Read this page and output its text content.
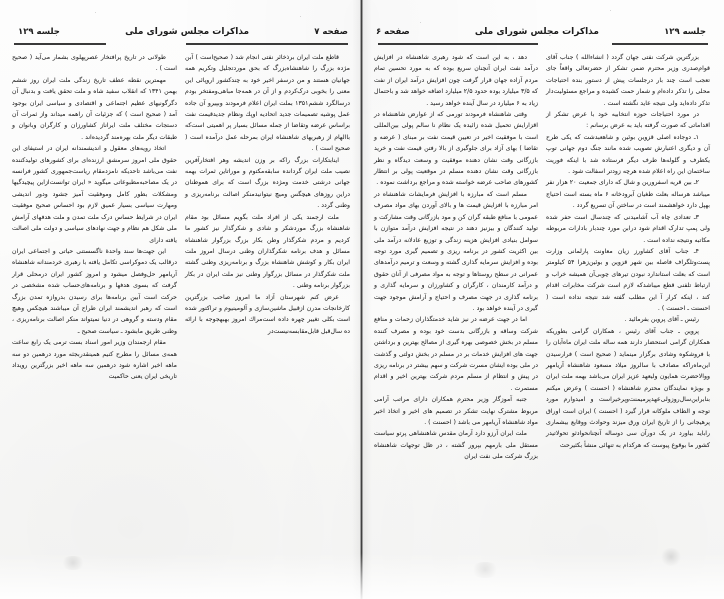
جلسه ۱۲۹
مذاکرات مجلس شورای ملی
صفحه ۶

بزرگترین شرکت نفتی جهان گردد ( انشاء‌الله ) جناب آقای قوام‌صدری وزیر محترم ضمن تشکر از حضرتعالی واقعاً جای تعجب است چند بار درجلسات پیش از دستور بنده احتیاجات محلی را تذکر داده‌ام و شمار حمت کشیده و مراجع مسئولیت‌دار تذکر داده‌اید ولی نتیجه عاید نگشته است .

در مورد احتیاجات حوزه انتخابیه خود با عرض تشکر از اقداماتی که صورت گرفته باید به عرض برسانم :

۱ـ دوجاده اصلی قزوین بوئین و شاهعبدشت که یکی طرح آن و دیگری اعتبارش تصویب شده مانند جنگ دوم جهانی توپ یکطرف و گلوله‌ها طرف دیگر فرستاده شد با اینکه فوریت ساختمان این راه اعلام شده هرچه زودتر اسفالت شود .

۲ـ بین قریه اسفرورین و شال که دارای جمعیت ۲۰ هزار نفر میباشد هرساله بعلت طغیان آبرودخانه ۶ ماه بسته است احتیاج بهپل دارد خواهشمند است در ساختن آن تسریع گردد .

۳ـ تعدادی چاه آب آشامیدنی که چندسال است حفر شده ولی پمپ تدارک اقدام شود درابن مورد چندبار بادارات مربوطه مکاتبه ونتیجه نداده است .

۴ـ جناب آقای کشاورز زیان معاونت پارلمانی وزارت پست‌وتلگراف فاصله بین شهر قزوین و بوئین‌زهرا ۵۴ کیلومتر است که بعلت استاندارد نبودن تیرهای چوبی‌آن همیشه خراب و ارتباط تلفنی قطع میباشدکه لازم است شرکت مخابرات اقدام کند ، اینکه کرار آ این مطلب گفته شد نتیجه نداده است ( احسنت ـ احسنت ) .

رئیس ـ آقای پروین بفرمائید .

پروین ـ جناب آقای رئیس ، همکاران گرامی بطوریکه همکاران گرامی استحضار دارند همه ساله ملت ایران ماه‌آبان را با فروشکوه وشادی برگزار مینماید ( صحیح است ) فرارسیدن این‌ماه‌راکه مصادف با سالروز میلاد مسعود شاهنشاه آریامهر ووالاحضرت همایون ولیعهد عزیز ایران می‌باشد بهمه ملت ایران و بویژه نمایندگان محترم شاهنشاه ( احسنت ) وعرض میکنم بنابراین‌سال‌روز‌ولی‌عهد‌پرمیمنت‌وپرخیر‌است و امیدوارم مورد توجه و الطاف ملوکانه قرار گیرد ( احسنت ) ایران است اوراق پرهیجانی را از تاریخ ایران ورق میزند وحوادث ووقایع بیشماری راباید بیاورد در یک دورآن سی دوساله آنچنانحوادثو تحولاتیدر کشور ما بوقوع پیوست که هرکدام به تنهائی منشأ بکثیرحث

دهد ، به این است که شود رهبری شاهنشاه در افزایش درآمد نفت ایران آنچنان سریع بوده که به مورد تحسین تمام مردم آزاده جهان قرار گرفت چون افزایش درآمد ایران از نفت که ۳/۵ میلیارد بوده حدود ۲/۵ میلیارد اضافه خواهد شد و باحتمال زیاد به ۶ میلیارد در سال آینده خواهد رسید .

وقتی شاهنشاه فرمودند تورمی که از عوارض شاهنشاه در اقزارایش تحمیل شده زائیده یک نظام نا سالم پولی بین‌المللی است با موفقیت اخیر در تعیین قیمت نفت بر مبنای ( عرضه و تقاضا ) بهای آزاد برای جلوگیری از بالا رفتن قیمت نفت و خرید بازرگانی وقت نشان دهنده موفقیت و وسعت دیدگاه و نظر بازرگانی وقت نشان دهنده مسلم در موقعیت پولی بر انتظار کشورهای صاحب عرضه خواسته شده و مراجع برداشت نموده .

مسلم است که مبارزه با افزایش فرمایشات شاهنشاه در امر مبارزه با افزایش قیمت ها و بالای آوردن بهای مواد مصرف عمومی با منافع طبقه گران کن و مود بازرگانی وقت مشارکت و تولید کنندگان و بیزنیز دهند در نتیجه افزایش درآمد متوازن با سوامل بنیادی افزایش هزینه زندگی و توزیع عادلانه درآمد ملی بین اکثریت کشور در برنامه ریزی و تصمیم گیری مورد توجه بوده و افزایش سرمایه گذاری گشته و وسعت و ترمیم درآمدهای عمرانی در سطح روستاها و توجه به مواد مصرفی از آنان حقوق و درآمد کارمندان ، کارگران و کشاورزان و سرمایه گذاری و برنامه گذاری در جهت مصرف و احتیاج و آرامش موجود جهت گیری در آینده خواهد بود .

اما در جهت عرضه در نیز شاید خدمتگذاران زحمات و منافع شرکت وساقه و بازرگانی بدست خود بوده و مصرف کننده مسلم در بخش خصوصی بهره گیری از مصالح بهترین و برداشتن جهت های افزایش خدمات بر در مسلم در بخش دولتی و گذشت در ملی بوده ایشان مسرت شرکت و سهم بیشتر در برنامه ریزی در پیش و انتظام از مسلم مردم شرکت بهترین اخیر و اقدام مستمرت .

جنبه آموزگار وزیر محترم همکاران دارای مراتب آرامی مربوط مشترک نهایت تشکر در تصمیم های اخیر و اتخاذ اخیر مواد شاهنشاه آریامهر می باشد ( احسنت ) .

ملت ایران آرزو دارد آرمان مقدس شاهنشاهی پرتو سیاست مستقل ملی بارمهم بپرور گشته ، در ظل توجهات شاهنشاه بزرگ شرکت ملی نفت ایران

صفحه ۷
مذاکرات مجلس شورای ملی
جلسه ۱۲۹

قاطع ملت ایران برذخائر نفتی انجام شد ( صحیح‌است ) آبن مژده بزرگ را شاهنشاه‌بزرگ که بحق موردتجلیل وتکریم همه جهانیان هستند و من درسفر اخیر خود به چندکشور اروپائی این معنی را بخوبی درک‌کردم و از آن در همه‌جا مباهی‌ومفتخر بودم درسالگرد ششم۱۳۵۱ بملت ایران اعلام فرمودند وبپیرو آن جاده عمل پوشیه تصمیمات جدید اتحادیه اوپك ونظام جدیدقیمت نفت براساس عرضه وتقاضا از جمله مسائل بسیار پر اهمیتی است‌که باالهام از رهبریهای شاهنشاه ایران بمرحله عمل درآمده است ( صحیح است ) .

اینابتکارات بزرگ راکه بر وزن اندیشه وهر افتخارآفرین نصیب ملت ایران گردانده سابقه‌مکتوم و موراتاین ثمرات بهمه جهانی درشتی خدمت ومژده بزرگ است که برای هموطنان دراین روزهای هیچگس ومیچ نیتوانیدمنکر اصالت برنامه‌ریزی و وطنی گردد .

ملت ارجمند یکی از افراد ملت بگویم مسائل بود مقام شاهنشاه بزرگ موردشکر و شادی و شکرگذار نیز کشور ما کردیم و مردم شکرگذار وطن بکار بزرگ بزرگوار شاهنشاه مسائل و هدف برنامه شکرگذاران وطنی درسال امروز ملت ایران بکار و کوشش شاهنشاه بزرگ و برنامه‌ریزی وطنی گشته ملت شکرگذار در مسائل بزرگوار وطنی نیز ملت ایران در بکار بزرگوار برنامه وطنی .

عرض کنم شهرستان آزاد ما امروز صاحب بزرگترین کارخانجات مدرن ازقبیل ماشین‌سازی و آلومینیوم و تراکتور شده است بکلی تغییر چهره داده است‌مراك امروز بهبهجوجه با ارائه ده سال‌قبل قابل‌مقابسه‌نیست‌در

طولانی در تاریخ پرافتخار عصرپهلوی بشمار می‌آید ( صحیح است ) .

مهمترین نقطه عطف تاریخ زندگی ملت ایران روز ششم بهمن ۱۳۴۱ که انقلاب سفید شاه و ملت تحقق یافت و بدنبال آن دگرگونیهای عظیم اجتماعی و اقتصادی و سیاسی ایران بوجود آمد ( صحیح است ) که جزئیات آن راهمه میداند واز ثمرات آن دستجات مختلف ملت ایراناز کشاورزان و کارگران وبانوان و طبقات دیگر ملت بهره‌مند گردیده‌اند .

اتخاذ رویه‌های معقول و اندیشمندانه ایران در استیفای این حقوق ملی امروز سرمشق ارزنده‌ای برای کشورهای تولیدکننده نفت می‌باشد تاحدیکه نامزدمقام ریاست‌جمهوری کشور فرانسه در یک مصاحبه‌مطبوعاتی میگوید « ایران توانست‌ازاین پیچیدگیها ومشکلات بطور کامل وموفقیت آمیز جشود ودور اندیشی ومهارت سیاسی بسیار عمیق لازم بود احساس صحیح موفقیت ایران در شرایط حساس درک ملت تمدن و ملت هدفهای آرامش ملی شکل هم نظام و جهت نهادهای سیاسی و دولت ملی اصالت یافته دارای

این جهت‌ها سند واحدهٔ ناگسستنی حیاتی و اجتماعی ایران درقالب یک دموکراسی تکامل یافته با رهبری خردمندانه شاهنشاه آریامهر حل‌وفصل میشود و امروز کشور ایران درمحلی قرار گرفت که بسوی هدفها و برنامه‌های‌حساب شده مشخصی در حرکت است آبین برنامه‌ها برای رسیدن بدروازه تمدن بزرگ است که رهبر اندیشمند ایران طراح آن میباشند هیچکس وهیچ مقام ودسته و گروهی در دنیا نمیتواند منکر اصالت برنامه‌ریزی ، وطنی طریق مابشود ـ سیاست صحیح ـ

مقام ارجمندان وزیر امور اسناد بست ترمی یک رابع ساعت همه‌ی مسائل را مطرح کنیم همینقدربجثه مورد درهمین دو سه ماهه اخیر اشاره شود درهمین سه ماهه اخیر بزرگترین رویداد تاریخی ایران یعنی حاکمیت
